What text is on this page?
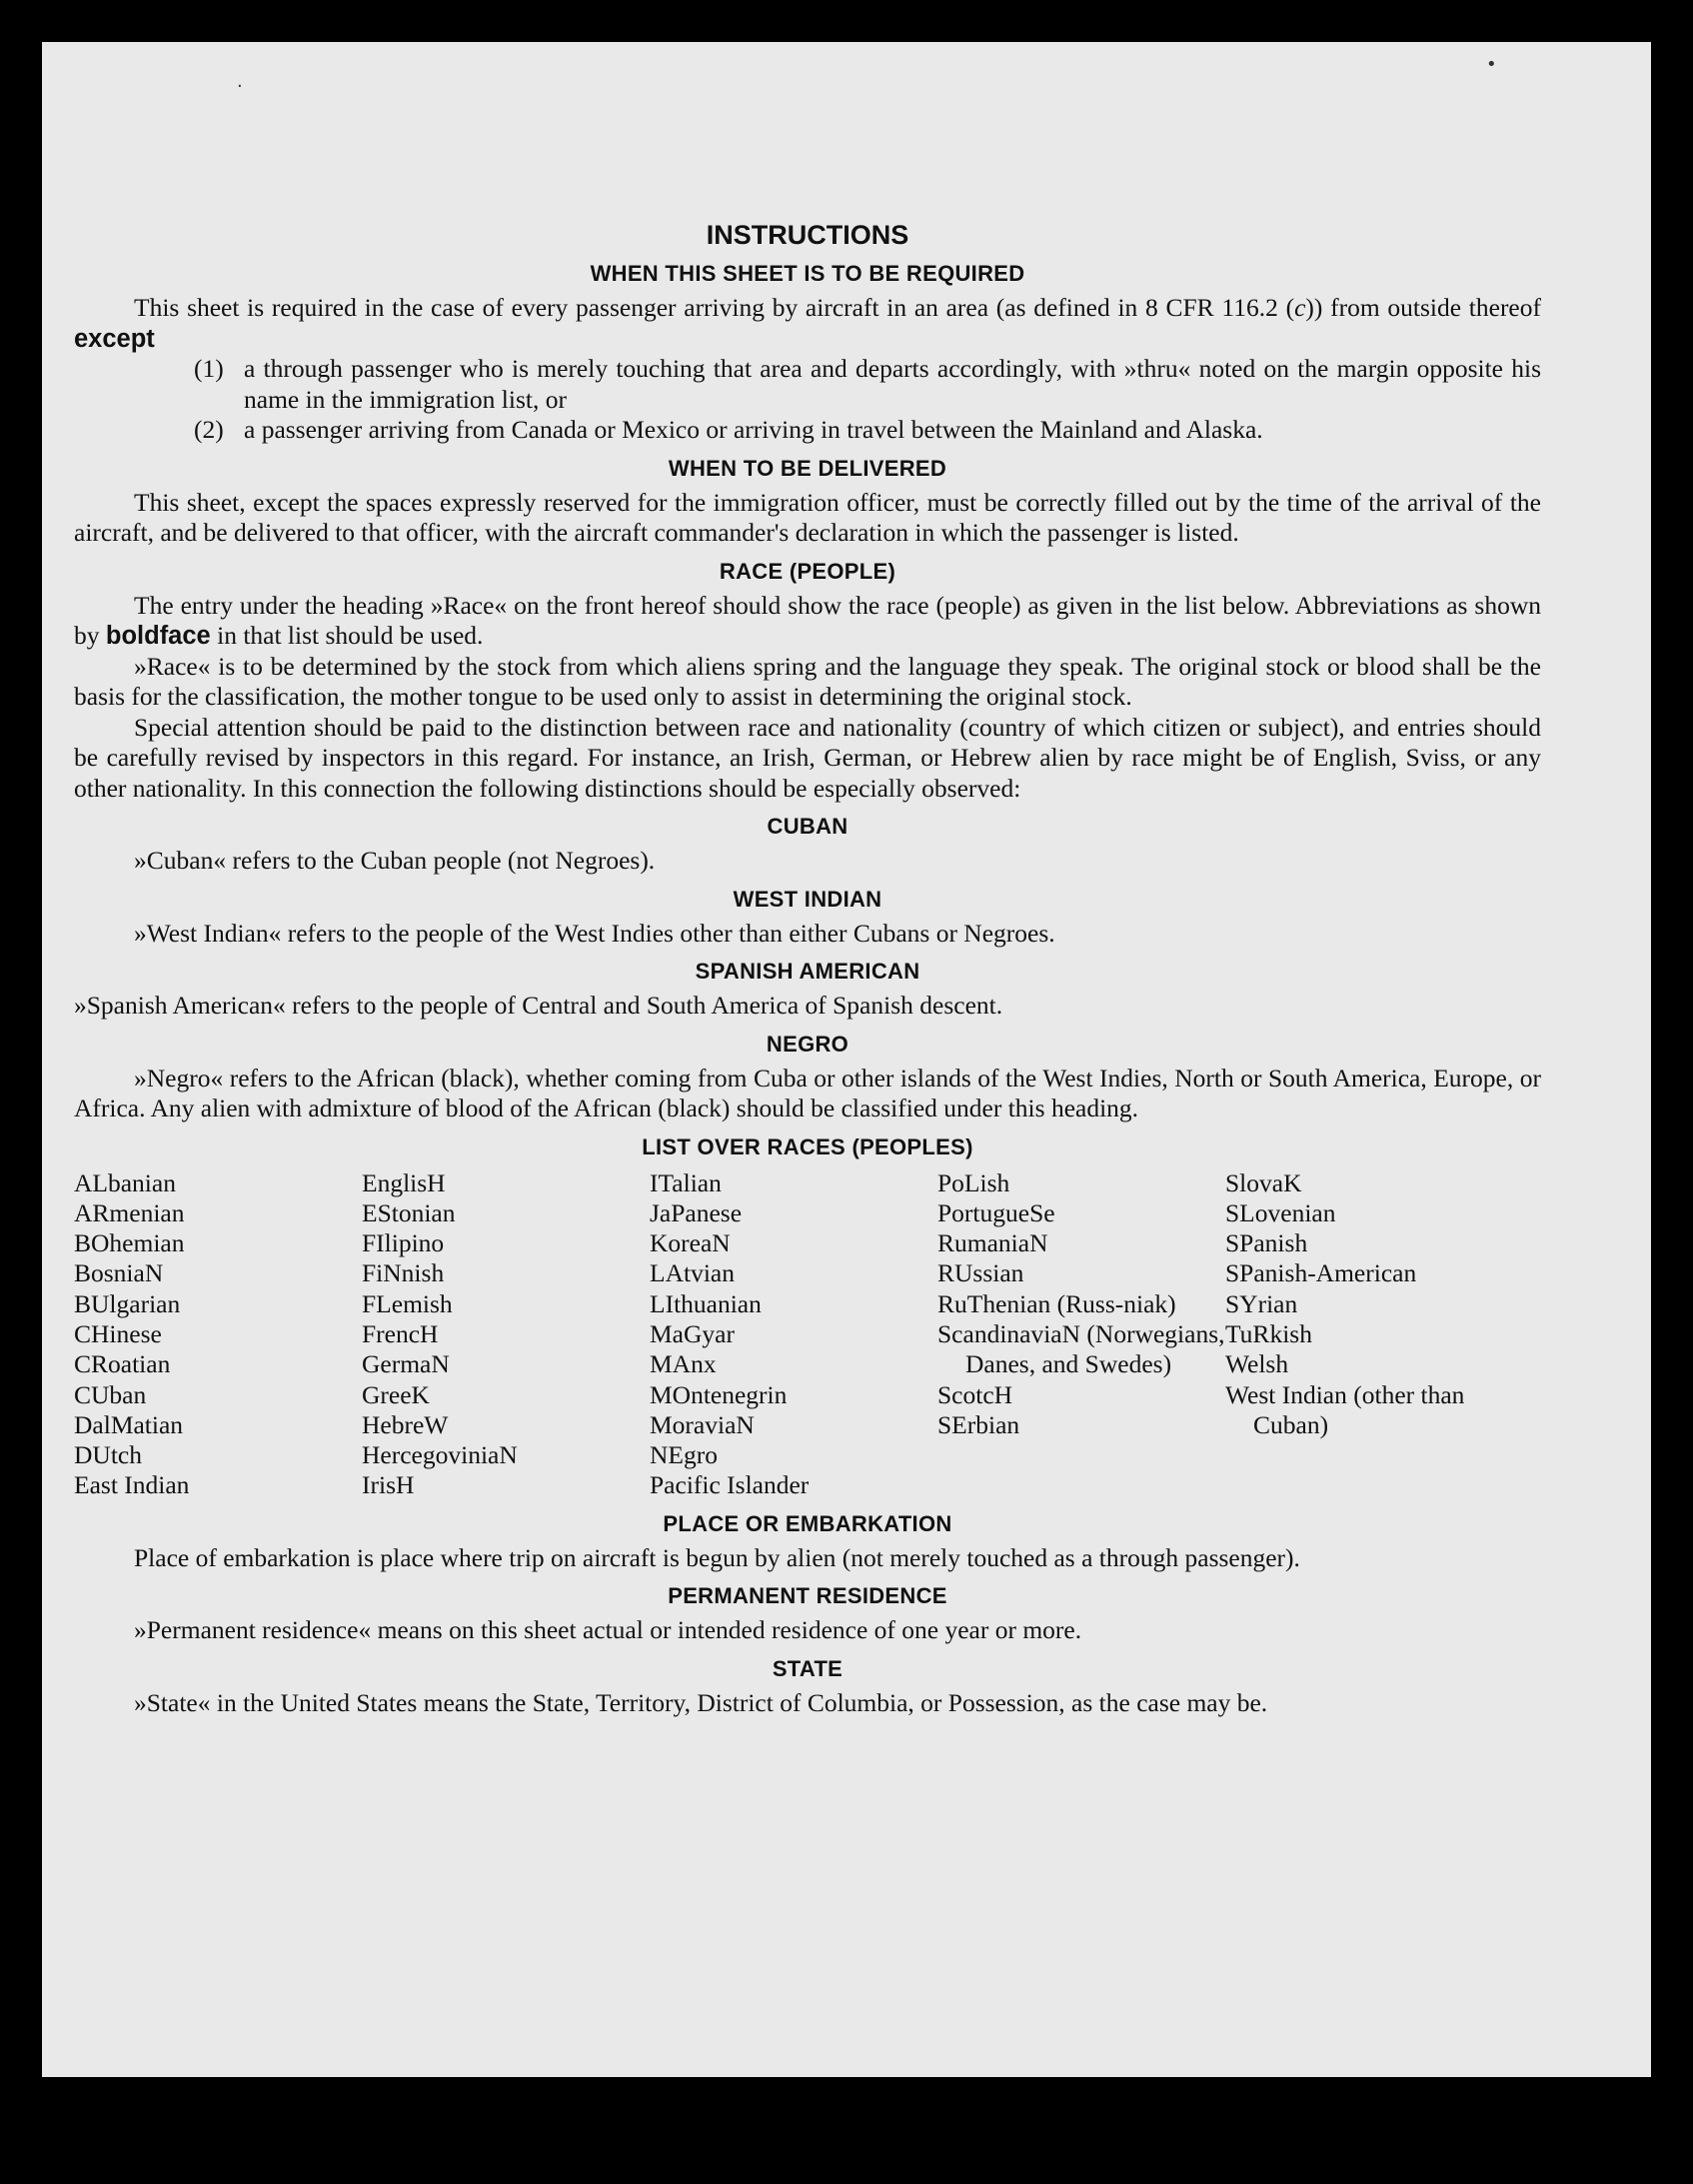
·
•
INSTRUCTIONS
WHEN THIS SHEET IS TO BE REQUIRED

This sheet is required in the case of every passenger arriving by aircraft in an area (as defined in 8 CFR 116.2 (c)) from outside thereof except

(1) a through passenger who is merely touching that area and departs accordingly, with »thru« noted on the margin opposite his name in the immigration list, or
(2) a passenger arriving from Canada or Mexico or arriving in travel between the Mainland and Alaska.
WHEN TO BE DELIVERED

This sheet, except the spaces expressly reserved for the immigration officer, must be correctly filled out by the time of the arrival of the aircraft, and be delivered to that officer, with the aircraft commander's declaration in which the passenger is listed.

RACE (PEOPLE)

The entry under the heading »Race« on the front hereof should show the race (people) as given in the list below. Abbreviations as shown by boldface in that list should be used.

»Race« is to be determined by the stock from which aliens spring and the language they speak. The original stock or blood shall be the basis for the classification, the mother tongue to be used only to assist in determining the original stock.

Special attention should be paid to the distinction between race and nationality (country of which citizen or subject), and entries should be carefully revised by inspectors in this regard. For instance, an Irish, German, or Hebrew alien by race might be of English, Sviss, or any other nationality. In this connection the following distinctions should be especially observed:

CUBAN

»Cuban« refers to the Cuban people (not Negroes).

WEST INDIAN

»West Indian« refers to the people of the West Indies other than either Cubans or Negroes.

SPANISH AMERICAN

»Spanish American« refers to the people of Central and South America of Spanish descent.

NEGRO

»Negro« refers to the African (black), whether coming from Cuba or other islands of the West Indies, North or South America, Europe, or Africa. Any alien with admixture of blood of the African (black) should be classified under this heading.

LIST OVER RACES (PEOPLES)
ALbanian
ARmenian
BOhemian
BosniaN
BUlgarian
CHinese
CRoatian
CUban
DalMatian
DUtch
East Indian
EnglisH
EStonian
FIlipino
FiNnish
FLemish
FrencH
GermaN
GreeK
HebreW
HercegoviniaN
IrisH
ITalian
JaPanese
KoreaN
LAtvian
LIthuanian
MaGyar
MAnx
MOntenegrin
MoraviaN
NEgro
Pacific Islander
PoLish
PortugueSe
RumaniaN
RUssian
RuThenian (Russ-niak)
ScandinaviaN (Norwegians, Danes, and Swedes)
ScotcH
SErbian
SlovaK
SLovenian
SPanish
SPanish-American
SYrian
TuRkish
Welsh
West Indian (other than Cuban)
PLACE OR EMBARKATION

Place of embarkation is place where trip on aircraft is begun by alien (not merely touched as a through passenger).

PERMANENT RESIDENCE

»Permanent residence« means on this sheet actual or intended residence of one year or more.

STATE

»State« in the United States means the State, Territory, District of Columbia, or Possession, as the case may be.
